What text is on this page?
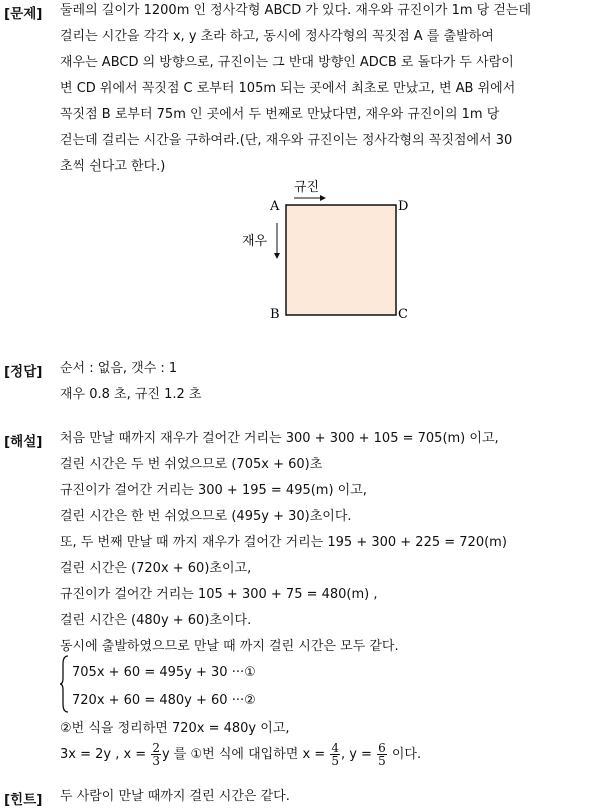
[문제] 둘레의 길이가 1200m 인 정사각형 ABCD 가 있다. 재우와 규진이가 1m 당 걷는데
걸리는 시간을 각각 x, y 초라 하고, 동시에 정사각형의 꼭짓점 A 를 출발하여
재우는 ABCD 의 방향으로, 규진이는 그 반대 방향인 ADCB 로 돌다가 두 사람이
변 CD 위에서 꼭짓점 C 로부터 105m 되는 곳에서 최초로 만났고, 변 AB 위에서
꼭짓점 B 로부터 75m 인 곳에서 두 번째로 만났다면, 재우와 규진이의 1m 당
걷는데 걸리는 시간을 구하여라.(단, 재우와 규진이는 정사각형의 꼭짓점에서 30
초씩 쉰다고 한다.)
규진
재우
A	D
B	C
[정답] 순서 : 없음, 갯수 : 1
재우 0.8 초, 규진 1.2 초
[해설] 처음 만날 때까지 재우가 걸어간 거리는 300 + 300 + 105 = 705(m) 이고,
걸린 시간은 두 번 쉬었으므로 (705x + 60)초
규진이가 걸어간 거리는 300 + 195 = 495(m) 이고,
걸린 시간은 한 번 쉬었으므로 (495y + 30)초이다.
또, 두 번째 만날 때 까지 재우가 걸어간 거리는 195 + 300 + 225 = 720(m)
걸린 시간은 (720x + 60)초이고,
규진이가 걸어간 거리는 105 + 300 + 75 = 480(m) ,
걸린 시간은 (480y + 60)초이다.
동시에 출발하였으므로 만날 때 까지 걸린 시간은 모두 같다.
705x + 60 = 495y + 30 ···①
720x + 60 = 480y + 60 ···②
②번 식을 정리하면 720x = 480y 이고,
3x = 2y , $x = \frac{2}{3}$ y 를 ①번 식에 대입하면 $x = \frac{4}{5}$ , $y = \frac{6}{5}$ 이다.
[힌트] 두 사람이 만날 때까지 걸린 시간은 같다.
